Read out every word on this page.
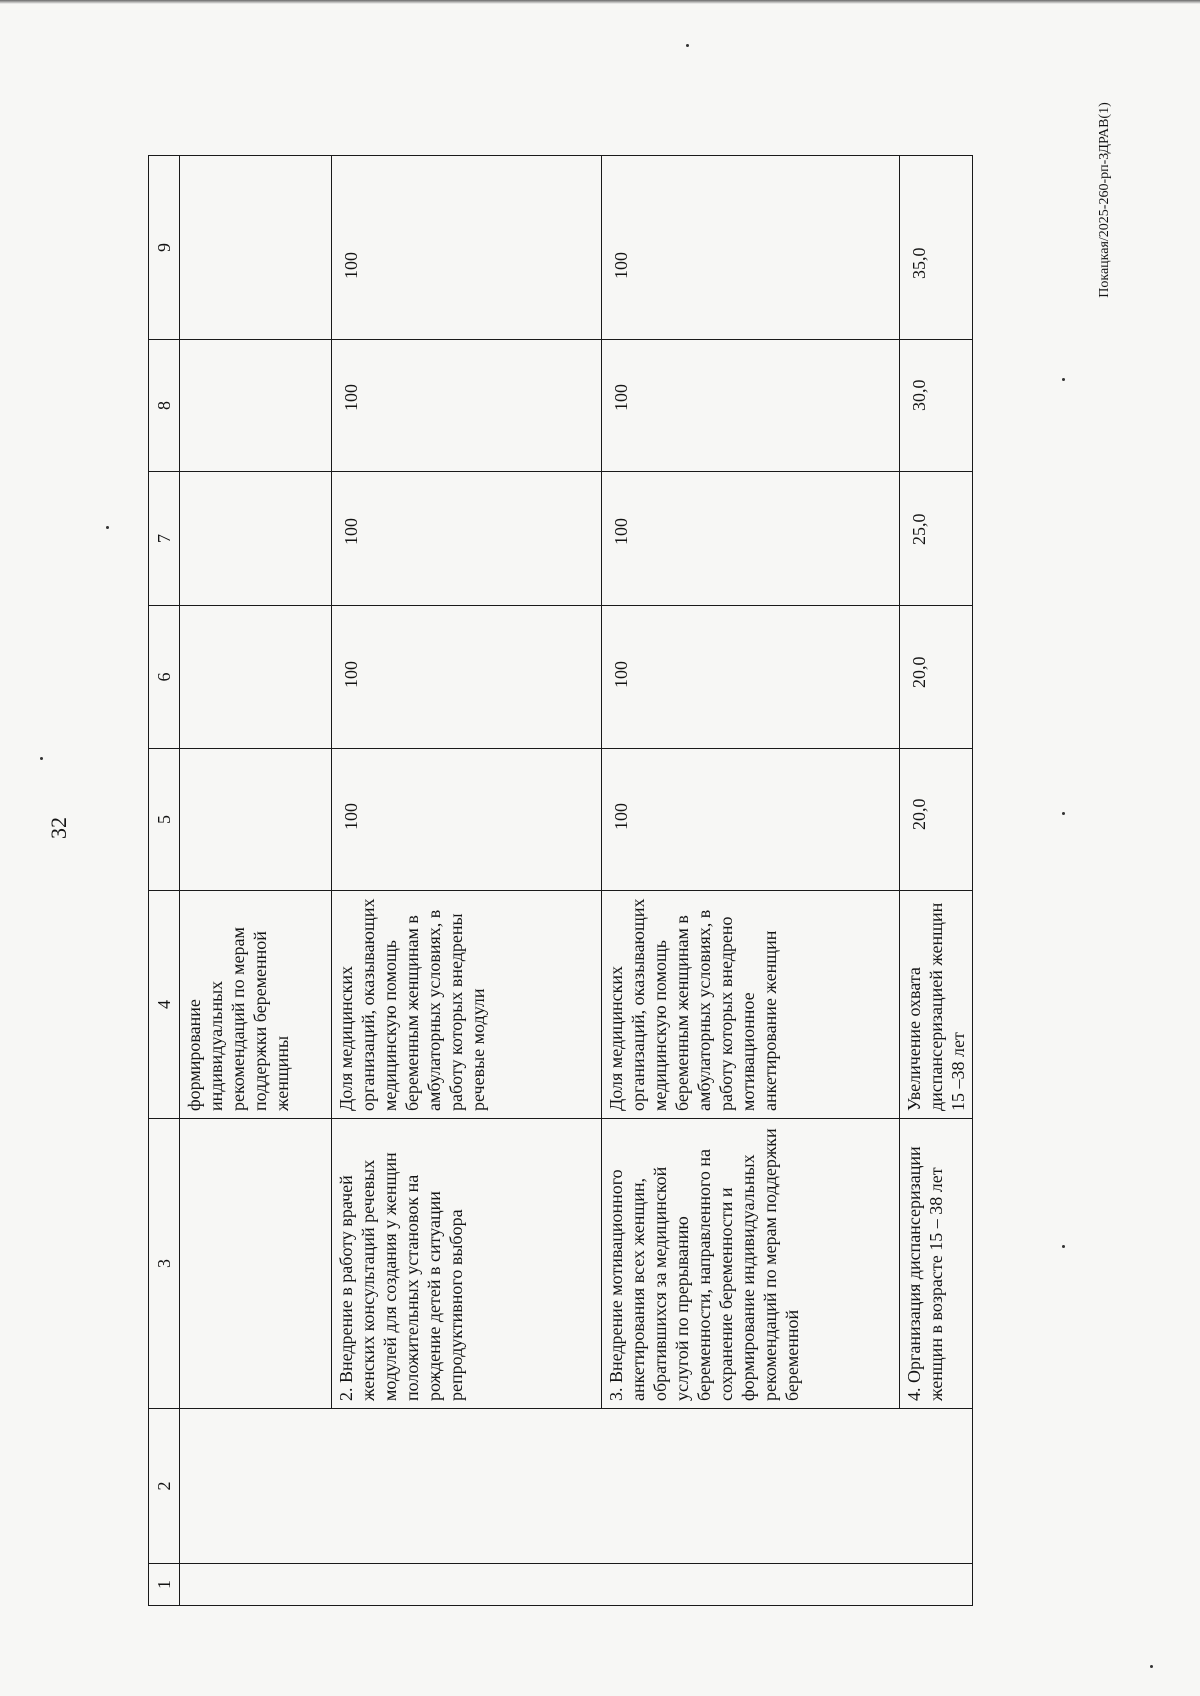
32
Покацкая/2025-260-рп-ЗДРАВ(1)
1	2	3	4	5	6	7	8	9
			формирование индивидуальных рекомендаций по мерам поддержки беременной женщины					
		2. Внедрение в работу врачей женских консультаций речевых модулей для создания у женщин положительных установок на рождение детей в ситуации репродуктивного выбора	Доля медицинских организаций, оказывающих медицинскую помощь беременным женщинам в амбулаторных условиях, в работу которых внедрены речевые модули	100	100	100	100	100
		3. Внедрение мотивационного анкетирования всех женщин, обратившихся за медицинской услугой по прерыванию беременности, направленного на сохранение беременности и формирование индивидуальных рекомендаций по мерам поддержки беременной	Доля медицинских организаций, оказывающих медицинскую помощь беременным женщинам в амбулаторных условиях, в работу которых внедрено мотивационное анкетирование женщин	100	100	100	100	100
		4. Организация диспансеризации женщин в возрасте 15 – 38 лет	Увеличение охвата диспансеризацией женщин 15 –38 лет	20,0	20,0	25,0	30,0	35,0
